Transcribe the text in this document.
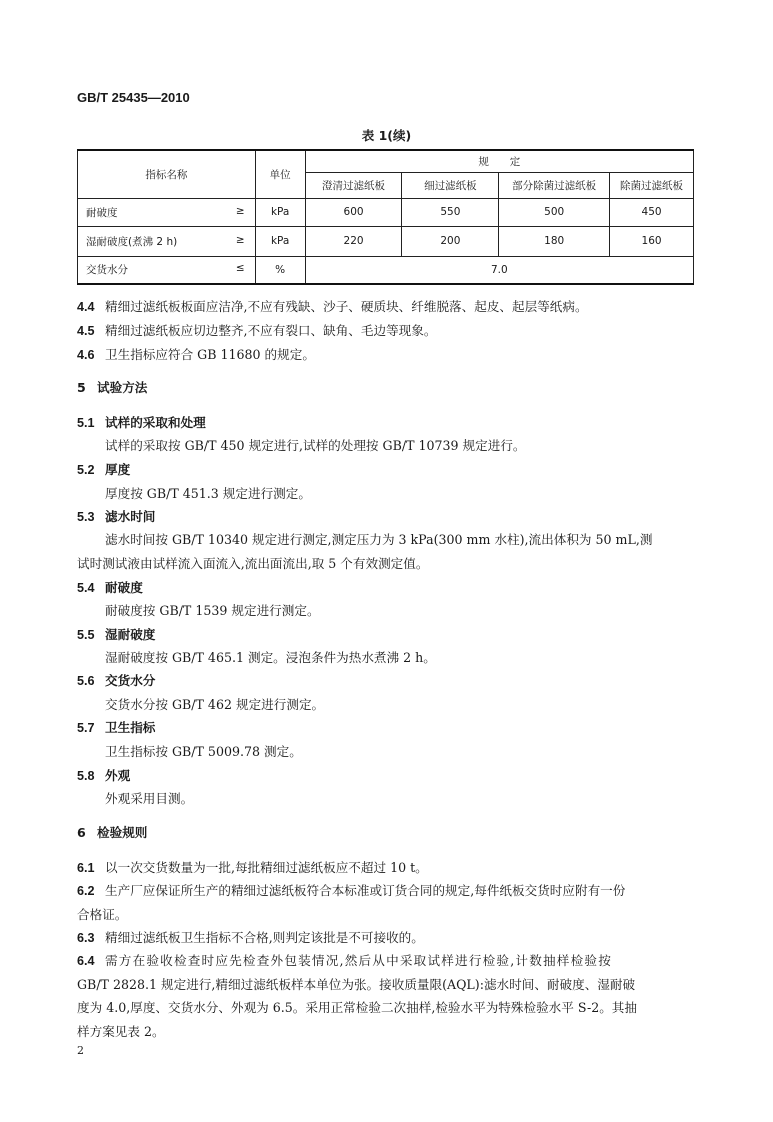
GB/T 25435—2010
表 1(续)
指标名称	单位	规　　定			
		澄清过滤纸板	细过滤纸板	部分除菌过滤纸板	除菌过滤纸板

耐破度 ≥	kPa	600	550	500	450

湿耐破度(煮沸 2 h) ≥	kPa	220	200	180	160

交货水分 ≤	%	7.0			
4.4 精细过滤纸板板面应洁净,不应有残缺、沙子、硬质块、纤维脱落、起皮、起层等纸病。
4.5 精细过滤纸板应切边整齐,不应有裂口、缺角、毛边等现象。
4.6 卫生指标应符合 GB 11680 的规定。
5 试验方法
5.1 试样的采取和处理
试样的采取按 GB/T 450 规定进行,试样的处理按 GB/T 10739 规定进行。
5.2 厚度
厚度按 GB/T 451.3 规定进行测定。
5.3 滤水时间
滤水时间按 GB/T 10340 规定进行测定,测定压力为 3 kPa(300 mm 水柱),流出体积为 50 mL,测
试时测试液由试样流入面流入,流出面流出,取 5 个有效测定值。
5.4 耐破度
耐破度按 GB/T 1539 规定进行测定。
5.5 湿耐破度
湿耐破度按 GB/T 465.1 测定。浸泡条件为热水煮沸 2 h。
5.6 交货水分
交货水分按 GB/T 462 规定进行测定。
5.7 卫生指标
卫生指标按 GB/T 5009.78 测定。
5.8 外观
外观采用目测。
6 检验规则
6.1 以一次交货数量为一批,每批精细过滤纸板应不超过 10 t。
6.2 生产厂应保证所生产的精细过滤纸板符合本标准或订货合同的规定,每件纸板交货时应附有一份
合格证。
6.3 精细过滤纸板卫生指标不合格,则判定该批是不可接收的。
6.4 需方在验收检查时应先检查外包装情况,然后从中采取试样进行检验,计数抽样检验按
GB/T 2828.1 规定进行,精细过滤纸板样本单位为张。接收质量限(AQL):滤水时间、耐破度、湿耐破
度为 4.0,厚度、交货水分、外观为 6.5。采用正常检验二次抽样,检验水平为特殊检验水平 S-2。其抽
样方案见表 2。
2
